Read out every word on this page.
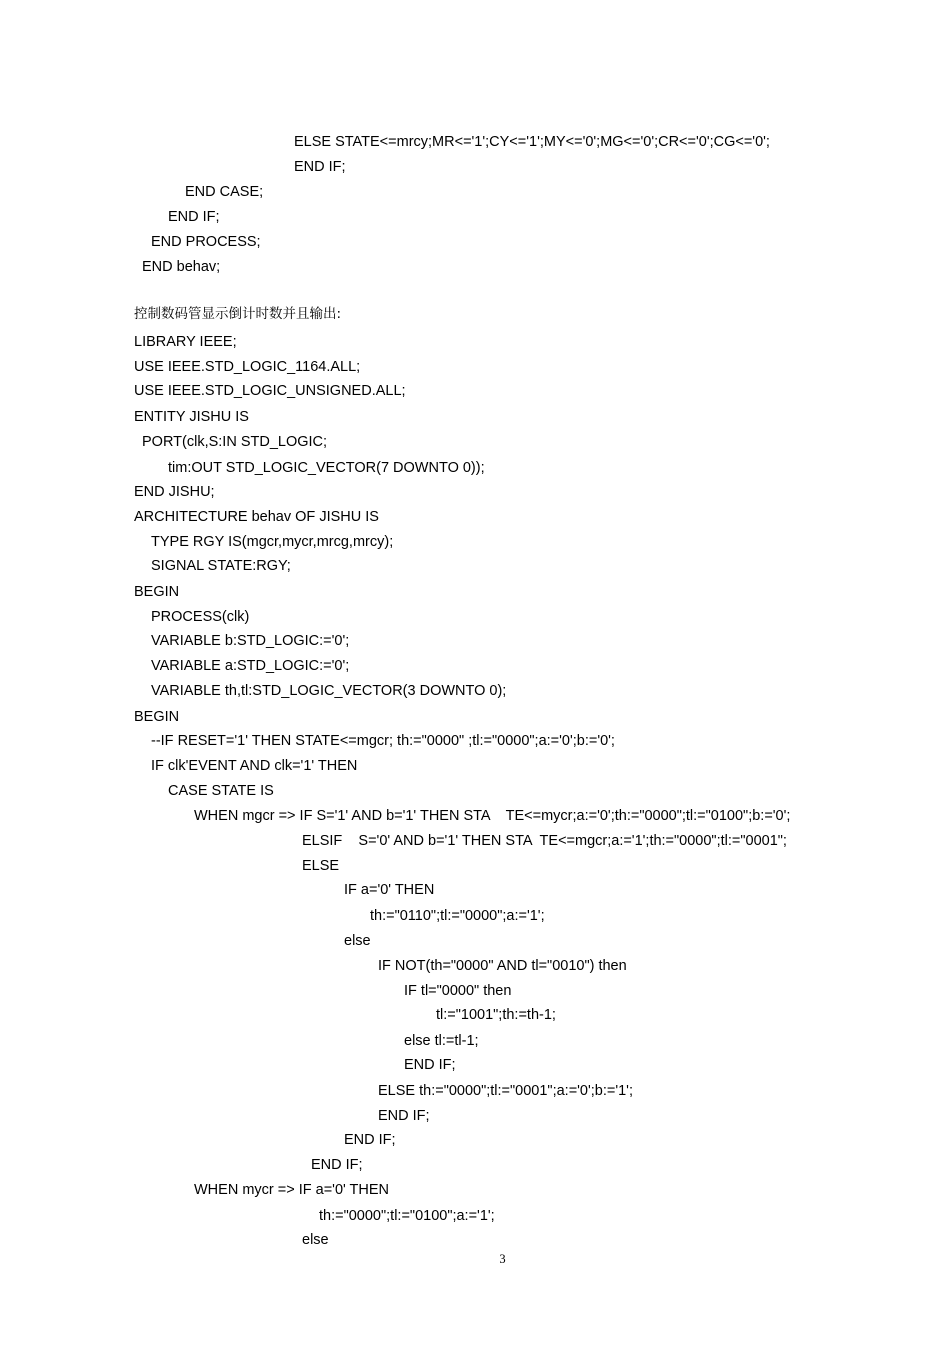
ELSE STATE<=mrcy;MR<='1';CY<='1';MY<='0';MG<='0';CR<='0';CG<='0';
END IF;
END CASE;
END IF;
END PROCESS;
END behav;
控制数码管显示倒计时数并且输出:
LIBRARY IEEE;
USE IEEE.STD_LOGIC_1164.ALL;
USE IEEE.STD_LOGIC_UNSIGNED.ALL;
ENTITY JISHU IS
PORT(clk,S:IN STD_LOGIC;
tim:OUT STD_LOGIC_VECTOR(7 DOWNTO 0));
END JISHU;
ARCHITECTURE behav OF JISHU IS
TYPE RGY IS(mgcr,mycr,mrcg,mrcy);
SIGNAL STATE:RGY;
BEGIN
PROCESS(clk)
VARIABLE b:STD_LOGIC:='0';
VARIABLE a:STD_LOGIC:='0';
VARIABLE th,tl:STD_LOGIC_VECTOR(3 DOWNTO 0);
BEGIN
--IF RESET='1' THEN STATE<=mgcr; th:="0000" ;tl:="0000";a:='0';b:='0';
IF clk'EVENT AND clk='1' THEN
CASE STATE IS
WHEN mgcr => IF S='1' AND b='1' THEN STA    TE<=mycr;a:='0';th:="0000";tl:="0100";b:='0';
ELSIF    S='0' AND b='1' THEN STA  TE<=mgcr;a:='1';th:="0000";tl:="0001";
ELSE
IF a='0' THEN
th:="0110";tl:="0000";a:='1';
else
IF NOT(th="0000" AND tl="0010") then
IF tl="0000" then
tl:="1001";th:=th-1;
else tl:=tl-1;
END IF;
ELSE th:="0000";tl:="0001";a:='0';b:='1';
END IF;
END IF;
END IF;
WHEN mycr => IF a='0' THEN
th:="0000";tl:="0100";a:='1';
else
3
